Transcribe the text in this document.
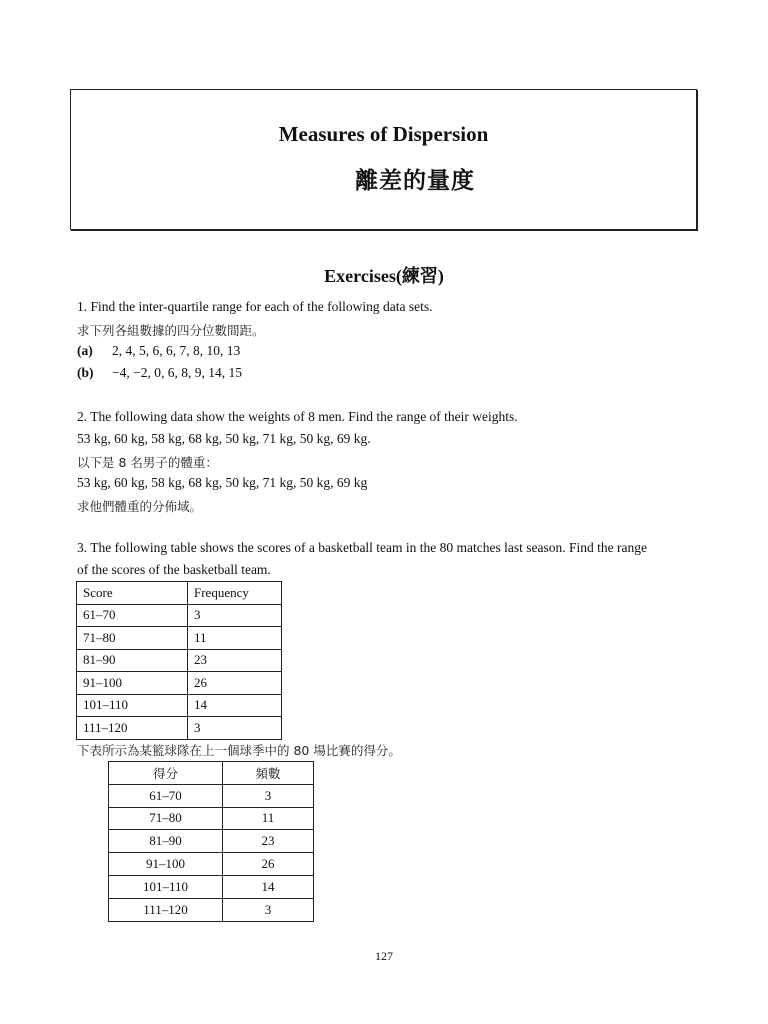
Measures of Dispersion
離差的量度
Exercises(練習)
1. Find the inter-quartile range for each of the following data sets.
求下列各組數據的四分位數間距。
(a) 2, 4, 5, 6, 6, 7, 8, 10, 13
(b) −4, −2, 0, 6, 8, 9, 14, 15
2. The following data show the weights of 8 men. Find the range of their weights.
53 kg, 60 kg, 58 kg, 68 kg, 50 kg, 71 kg, 50 kg, 69 kg.
以下是 8 名男子的體重：
53 kg, 60 kg, 58 kg, 68 kg, 50 kg, 71 kg, 50 kg, 69 kg
求他們體重的分佈域。
3. The following table shows the scores of a basketball team in the 80 matches last season. Find the range
of the scores of the basketball team.
Score	Frequency
61–70	3
71–80	11
81–90	23
91–100	26
101–110	14
111–120	3
下表所示為某籃球隊在上一個球季中的 80 場比賽的得分。
得分	頻數
61–70	3
71–80	11
81–90	23
91–100	26
101–110	14
111–120	3
127
